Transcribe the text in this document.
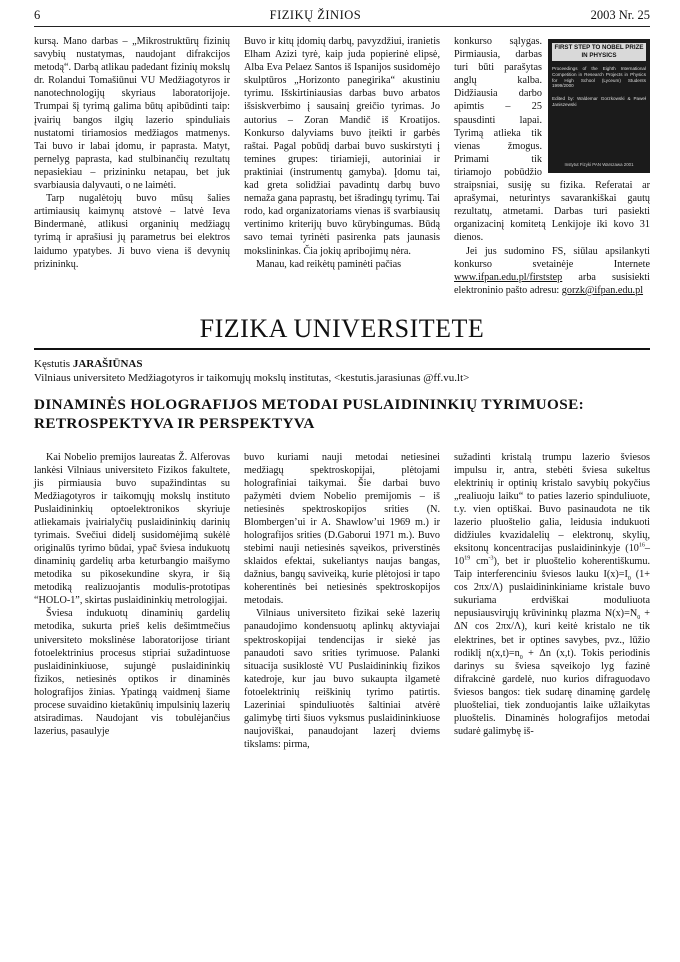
6	FIZIKŲ ŽINIOS	2003 Nr. 25

kursą. Mano darbas – „Mikrostruktūrų fizinių savybių nustatymas, naudojant difrakcijos metodą“. Darbą atlikau padedant fizinių mokslų dr. Rolandui Tomašiūnui VU Medžiagotyros ir nanotechnologijų skyriaus laboratorijoje. Trumpai šį tyrimą galima būtų apibūdinti taip: įvairių bangos ilgių lazerio spinduliais nustatomi tiriamosios medžiagos matmenys. Tai buvo ir labai įdomu, ir paprasta. Matyt, pernelyg paprasta, kad stulbinančių rezultatų nepasiekiau – prizininku netapau, bet juk svarbiausia dalyvauti, o ne laimėti.

Tarp nugalėtojų buvo mūsų šalies artimiausių kaimynų atstovė – latvė Ieva Bindermanė, atlikusi organinių medžiagų tyrimą ir aprašiusi jų parametrus bei elektros laidumo ypatybes. Ji buvo viena iš devynių prizininkų.

Buvo ir kitų įdomių darbų, pavyzdžiui, iranietis Elham Azizi tyrė, kaip juda popierinė elipsė, Alba Eva Pelaez Santos iš Ispanijos susidomėjo skulptūros „Horizonto panegirika“ akustiniu tyrimu. Išskirtiniausias darbas buvo arbatos išsiskverbimo į sausainį greičio tyrimas. Jo autorius – Zoran Mandič iš Kroatijos. Konkurso dalyviams buvo įteikti ir garbės raštai. Pagal pobūdį darbai buvo suskirstyti į temines grupes: tiriamieji, autoriniai ir praktiniai (instrumentų gamyba). Įdomu tai, kad greta solidžiai pavadintų darbų buvo nemaža gana paprastų, bet išradingų tyrimų. Tai rodo, kad organizatoriams vienas iš svarbiausių vertinimo kriterijų buvo kūrybingumas. Būdą savo temai tyrinėti pasirenka pats jaunasis mokslininkas. Čia jokių apribojimų nėra.

Manau, kad reikėtų paminėti pačias

FIRST STEP TO NOBEL PRIZE IN PHYSICS
Proceedings of the Eighth International Competition in Research Projects in Physics for High School (Lyceum) Students 1999/2000
Edited by: Waldemar Gorzkowski & Paweł Janiszewski
Instytut Fizyki PAN Warszawa 2001

konkurso sąlygas. Pirmiausia, darbas turi būti parašytas anglų kalba. Didžiausia darbo apimtis – 25 spausdinti lapai. Tyrimą atlieka tik vienas žmogus. Primami tik tiriamojo pobūdžio straipsniai, susiję su fizika. Referatai ar aprašymai, neturintys savarankiškai gautų rezultatų, atmetami. Darbas turi pasiekti organizacinį komitetą Lenkijoje iki kovo 31 dienos.

Jei jus sudomino FS, siūlau apsilankyti konkurso svetainėje Internete www.ifpan.edu.pl/firststep arba susisiekti elektroninio pašto adresu: gorzk@ifpan.edu.pl

FIZIKA UNIVERSITETE
Kęstutis JARAŠIŪNAS
Vilniaus universiteto Medžiagotyros ir taikomųjų mokslų institutas, <kestutis.jarasiunas @ff.vu.lt>
DINAMINĖS HOLOGRAFIJOS METODAI PUSLAIDININKIŲ TYRIMUOSE: RETROSPEKTYVA IR PERSPEKTYVA

Kai Nobelio premijos laureatas Ž. Alferovas lankėsi Vilniaus universiteto Fizikos fakultete, jis pirmiausia buvo supažindintas su Medžiagotyros ir taikomųjų mokslų instituto Puslaidininkių optoelektronikos skyriuje atliekamais įvairialyčių puslaidininkių darinių tyrimais. Svečiui didelį susidomėjimą sukėlė originalūs tyrimo būdai, ypač šviesa indukuotų dinaminių gardelių arba keturbangio maišymo metodika su pikosekundine skyra, ir šią metodiką realizuojantis modulis-prototipas “HOLO-1”, skirtas puslaidininkių metrologijai.

Šviesa indukuotų dinaminių gardelių metodika, sukurta prieš kelis dešimtmečius universiteto mokslinėse laboratorijose tiriant fotoelektrinius procesus stipriai sužadintuose puslaidininkiuose, sujungė puslaidininkių fizikos, netiesinės optikos ir dinaminės holografijos žinias. Ypatingą vaidmenį šiame procese suvaidino kietakūnių impulsinių lazerių atsiradimas. Naudojant vis tobulėjančius lazerius, pasaulyje

buvo kuriami nauji metodai netiesinei medžiagų spektroskopijai, plėtojami holografiniai taikymai. Šie darbai buvo pažymėti dviem Nobelio premijomis – iš netiesinės spektroskopijos srities (N. Blombergen’ui ir A. Shawlow’ui 1969 m.) ir holografijos srities (D.Gaborui 1971 m.). Buvo stebimi nauji netiesinės sąveikos, priverstinės sklaidos efektai, sukeliantys naujas bangas, dažnius, bangų saviveiką, kurie plėtojosi ir tapo koherentinės bei netiesinės spektroskopijos metodais.

Vilniaus universiteto fizikai sekė lazerių panaudojimo kondensuotų aplinkų aktyviajai spektroskopijai tendencijas ir siekė jas panaudoti savo srities tyrimuose. Palanki situacija susiklostė VU Puslaidininkių fizikos katedroje, kur jau buvo sukaupta ilgametė fotoelektrinių reiškinių tyrimo patirtis. Lazeriniai spinduliuotės šaltiniai atvėrė galimybę tirti šiuos vyksmus puslaidininkiuose naujoviškai, panaudojant lazerį dviems tikslams: pirma,

sužadinti kristalą trumpu lazerio šviesos impulsu ir, antra, stebėti šviesa sukeltus elektrinių ir optinių kristalo savybių pokyčius „realiuoju laiku“ to paties lazerio spinduliuote, t.y. vien optiškai. Buvo pasinaudota ne tik lazerio pluoštelio galia, leidusia indukuoti didžiules kvazidalelių – elektronų, skylių, eksitonų koncentracijas puslaidininkyje ($10^{16}-10^{19}$ $cm^{-3}$), bet ir pluoštelio koherentiškumu. Taip interferenciniu šviesos lauku $I(x)=I_0$ (1+ cos 2πx/Λ) puslaidininkiniame kristale buvo sukuriama erdviškai moduliuota nepusiausvirųjų krūvininkų plazma $N(x)=N_0 + \Delta N$ cos 2πx/Λ), kuri keitė kristalo ne tik elektrines, bet ir optines savybes, pvz., lūžio rodiklį $n(x,t)=n_0 + \Delta n$ (x,t). Tokis periodinis darinys su šviesa sąveikojo lyg fazinė difrakcinė gardelė, nuo kurios difraguodavo šviesos bangos: tiek sudarę dinaminę gardelę pluošteliai, tiek zonduojantis laike užlaikytas pluoštelis. Dinaminės holografijos metodai sudarė galimybę iš-
